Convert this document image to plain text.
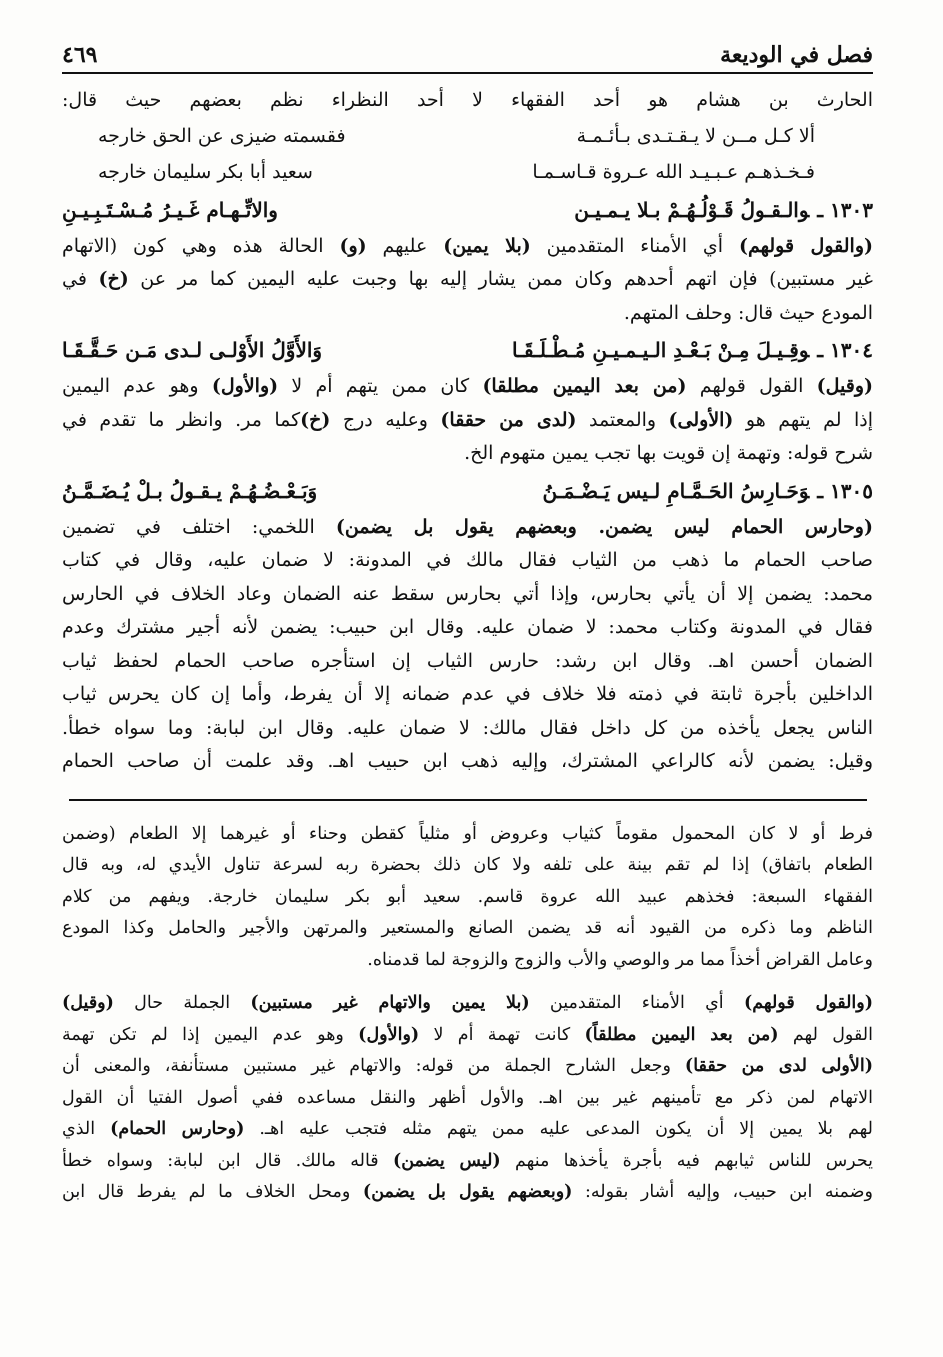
فصل في الوديعة
٤٦٩
الحارث بن هشام هو أحد الفقهاء لا أحد النظراء نظم بعضهم حيث قال:
ألا كـل مــن لا يـقـتـدى بـأئـمـة
فقسمته ضيزى عن الحق خارجه
فـخـذهـم عـبـيـد الله عـروة قـاسـمـا
سعيد أبا بكر سليمان خارجه
١٣٠٣ ـوالـقـولُ قَـوْلُـهُـمْ بـلا يـمـيـن
والاتِّـهـام غَـيـرُ مُـسْـتَـبِـيـنِ
(والقول قولهم) أي الأمناء المتقدمين (بلا يمين) عليهم (و) الحالة هذه وهي كون (الاتهام
غير مستبين) فإن اتهم أحدهم وكان ممن يشار إليه بها وجبت عليه اليمين كما مر عن (خ) في
المودع حيث قال: وحلف المتهم.
١٣٠٤ ـوقِـيـلَ مِـنْ بَـعْـدِ الـيـمـيـنِ مُـطْـلَـقَـا
وَالأَوَّلُ الأَوْلـى لـدى مَـن حَـقَّـقَـا
(وقيل) القول قولهم (من بعد اليمين مطلقا) كان ممن يتهم أم لا (والأول) وهو عدم اليمين
إذا لم يتهم هو (الأولى) والمعتمد (لدى من حققا) وعليه درج (خ)كما مر. وانظر ما تقدم في
شرح قوله: وتهمة إن قويت بها تجب يمين متهوم الخ.
١٣٠٥ ـوَحَـارِسُ الحَـمَّـامِ لـيس يَـضْـمَـنُ
وَبَـعْـضُـهُـمْ يـقـولُ بـلْ يُـضَـمَّـنُ
(وحارس الحمام ليس يضمن. وبعضهم يقول بل يضمن) اللخمي: اختلف في تضمين
صاحب الحمام ما ذهب من الثياب فقال مالك في المدونة: لا ضمان عليه، وقال في كتاب
محمد: يضمن إلا أن يأتي بحارس، وإذا أتي بحارس سقط عنه الضمان وعاد الخلاف في الحارس
فقال في المدونة وكتاب محمد: لا ضمان عليه. وقال ابن حبيب: يضمن لأنه أجير مشترك وعدم
الضمان أحسن اهـ. وقال ابن رشد: حارس الثياب إن استأجره صاحب الحمام لحفظ ثياب
الداخلين بأجرة ثابتة في ذمته فلا خلاف في عدم ضمانه إلا أن يفرط، وأما إن كان يحرس ثياب
الناس يجعل يأخذه من كل داخل فقال مالك: لا ضمان عليه. وقال ابن لبابة: وما سواه خطأ.
وقيل: يضمن لأنه كالراعي المشترك، وإليه ذهب ابن حبيب اهـ. وقد علمت أن صاحب الحمام
فرط أو لا كان المحمول مقوماً كثياب وعروض أو مثلياً كقطن وحناء أو غيرهما إلا الطعام (وضمن
الطعام باتفاق) إذا لم تقم بينة على تلفه ولا كان ذلك بحضرة ربه لسرعة تناول الأيدي له، وبه قال
الفقهاء السبعة: فخذهم عبيد الله عروة قاسم. سعيد أبو بكر سليمان خارجة. ويفهم من كلام
الناظم وما ذكره من القيود أنه قد يضمن الصانع والمستعير والمرتهن والأجير والحامل وكذا المودع
وعامل القراض أخذاً مما مر والوصي والأب والزوج والزوجة لما قدمناه.
(والقول قولهم) أي الأمناء المتقدمين (بلا يمين والاتهام غير مستبين) الجملة حال (وقيل)
القول لهم (من بعد اليمين مطلقاً) كانت تهمة أم لا (والأول) وهو عدم اليمين إذا لم تكن تهمة
(الأولى لدى من حققا) وجعل الشارح الجملة من قوله: والاتهام غير مستبين مستأنفة، والمعنى أن
الاتهام لمن ذكر مع تأمينهم غير بين اهـ. والأول أظهر والنقل مساعده ففي أصول الفتيا أن القول
لهم بلا يمين إلا أن يكون المدعى عليه ممن يتهم مثله فتجب عليه اهـ. (وحارس الحمام) الذي
يحرس للناس ثيابهم فيه بأجرة يأخذها منهم (ليس يضمن) قاله مالك. قال ابن لبابة: وسواه خطأ
وضمنه ابن حبيب، وإليه أشار بقوله: (وبعضهم يقول بل يضمن) ومحل الخلاف ما لم يفرط قال ابن
